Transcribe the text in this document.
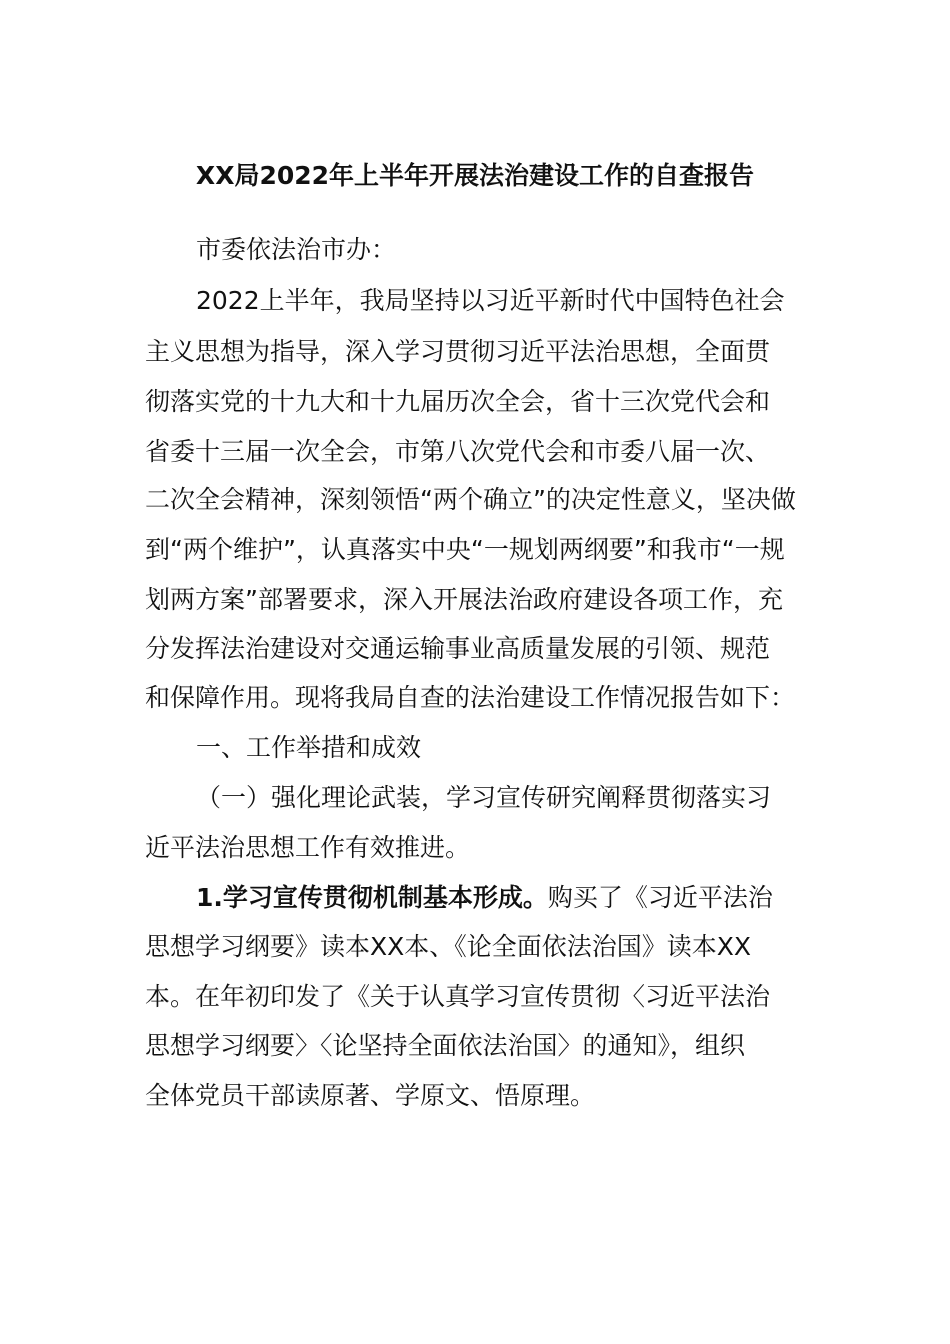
XX局2022年上半年开展法治建设工作的自查报告
市委依法治市办：
2022上半年，我局坚持以习近平新时代中国特色社会
主义思想为指导，深入学习贯彻习近平法治思想，全面贯
彻落实党的十九大和十九届历次全会，省十三次党代会和
省委十三届一次全会，市第八次党代会和市委八届一次、
二次全会精神，深刻领悟“两个确立”的决定性意义，坚决做
到“两个维护”，认真落实中央“一规划两纲要”和我市“一规
划两方案”部署要求，深入开展法治政府建设各项工作，充
分发挥法治建设对交通运输事业高质量发展的引领、规范
和保障作用。现将我局自查的法治建设工作情况报告如下：
一、工作举措和成效
（一）强化理论武装，学习宣传研究阐释贯彻落实习
近平法治思想工作有效推进。
1.学习宣传贯彻机制基本形成。购买了《习近平法治
思想学习纲要》读本XX本、《论全面依法治国》读本XX
本。在年初印发了《关于认真学习宣传贯彻〈习近平法治
思想学习纲要〉〈论坚持全面依法治国〉的通知》，组织
全体党员干部读原著、学原文、悟原理。
